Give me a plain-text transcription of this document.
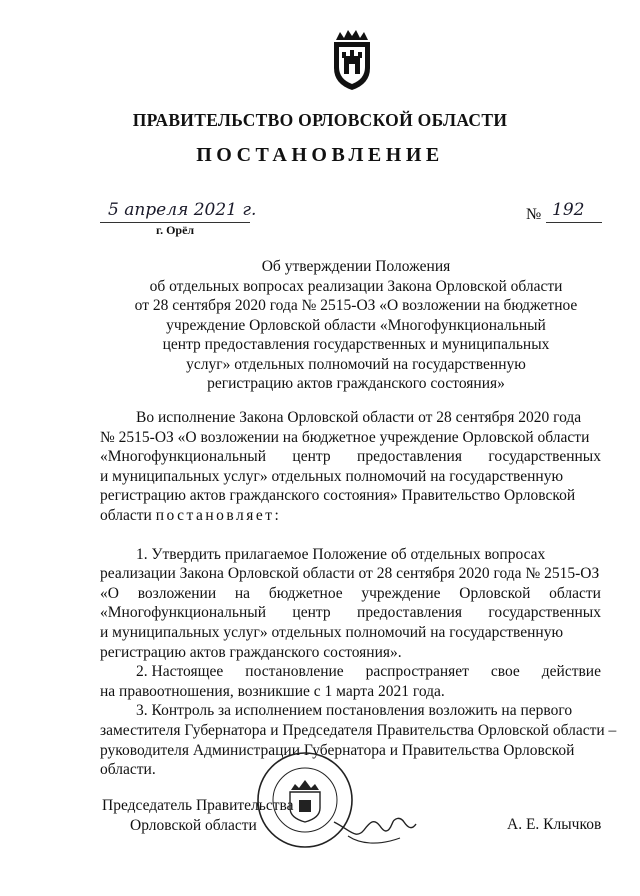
ПРАВИТЕЛЬСТВО ОРЛОВСКОЙ ОБЛАСТИ
ПОСТАНОВЛЕНИЕ
5 апреля 2021 г.
г. Орёл
№ 192
Об утверждении Положения
об отдельных вопросах реализации Закона Орловской области
от 28 сентября 2020 года № 2515-ОЗ «О возложении на бюджетное
учреждение Орловской области «Многофункциональный
центр предоставления государственных и муниципальных
услуг» отдельных полномочий на государственную
регистрацию актов гражданского состояния»
Во исполнение Закона Орловской области от 28 сентября 2020 года
№ 2515-ОЗ «О возложении на бюджетное учреждение Орловской области
«Многофункциональный центр предоставления государственных
и муниципальных услуг» отдельных полномочий на государственную
регистрацию актов гражданского состояния» Правительство Орловской
области постановляет:
1. Утвердить прилагаемое Положение об отдельных вопросах
реализации Закона Орловской области от 28 сентября 2020 года № 2515-ОЗ
«О возложении на бюджетное учреждение Орловской области
«Многофункциональный центр предоставления государственных
и муниципальных услуг» отдельных полномочий на государственную
регистрацию актов гражданского состояния».
2. Настоящее постановление распространяет свое действие
на правоотношения, возникшие с 1 марта 2021 года.
3. Контроль за исполнением постановления возложить на первого
заместителя Губернатора и Председателя Правительства Орловской области –
руководителя Администрации Губернатора и Правительства Орловской
области.
Председатель Правительства
Орловской области	А. Е. Клычков
